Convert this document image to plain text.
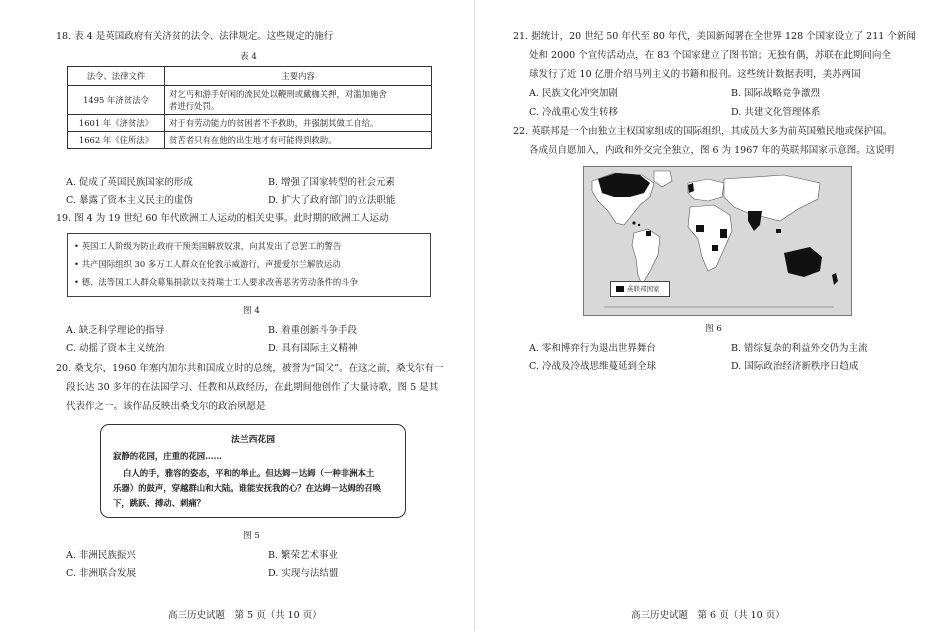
18. 表 4 是英国政府有关济贫的法令、法律规定。这些规定的施行
表 4
法令、法律文件	主要内容
1495 年济贫法令	对乞丐和游手好闲的流民处以鞭刑或戴枷关押，对滥加施舍
者进行处罚。
1601 年《济贫法》	对于有劳动能力的贫困者不予救助，并强制其做工自给。
1662 年《住所法》	贫苦者只有在他的出生地才有可能得到救助。
A. 促成了英国民族国家的形成	B. 增强了国家转型的社会元素
C. 暴露了资本主义民主的虚伪	D. 扩大了政府部门的立法职能
19. 图 4 为 19 世纪 60 年代欧洲工人运动的相关史事。此时期的欧洲工人运动
• 英国工人阶级为防止政府干预美国解放奴隶，向其发出了总罢工的警告
• 共产国际组织 30 多万工人群众在伦敦示威游行，声援爱尔兰解放运动
• 德、法等国工人群众募集捐款以支持瑞士工人要求改善恶劣劳动条件的斗争
图 4
A. 缺乏科学理论的指导	B. 着重创新斗争手段
C. 动摇了资本主义统治	D. 具有国际主义精神
20. 桑戈尔，1960 年塞内加尔共和国成立时的总统，被誉为“国父”。在这之前，桑戈尔有一
段长达 30 多年的在法国学习、任教和从政经历，在此期间他创作了大量诗歌，图 5 是其
代表作之一。该作品反映出桑戈尔的政治夙愿是
法兰西花园
寂静的花园，庄重的花园……
白人的手，雅容的姿态，平和的举止。但达姆－达姆（一种非洲本土
乐器）的鼓声，穿越群山和大陆。谁能安抚我的心？在达姆－达姆的召唤
下，跳跃、搏动、刺痛？
图 5
A. 非洲民族振兴	B. 繁荣艺术事业
C. 非洲联合发展	D. 实现与法结盟
高三历史试题　第 5 页（共 10 页）
21. 据统计，20 世纪 50 年代至 80 年代，美国新闻署在全世界 128 个国家设立了 211 个新闻
处和 2000 个宣传活动点，在 83 个国家建立了图书馆；无独有偶，苏联在此期间向全
球发行了近 10 亿册介绍马列主义的书籍和报刊。这些统计数据表明，美苏两国
A. 民族文化冲突加剧	B. 国际战略竞争激烈
C. 冷战重心发生转移	D. 共建文化管理体系
22. 英联邦是一个由独立主权国家组成的国际组织，其成员大多为前英国殖民地或保护国。
各成员自愿加入，内政和外交完全独立，图 6 为 1967 年的英联邦国家示意图。这说明
图 6
A. 零和博弈行为退出世界舞台	B. 错综复杂的利益外交仍为主流
C. 冷战及冷战思维蔓延到全球	D. 国际政治经济新秩序日趋成
高三历史试题　第 6 页（共 10 页）
英联邦国家
